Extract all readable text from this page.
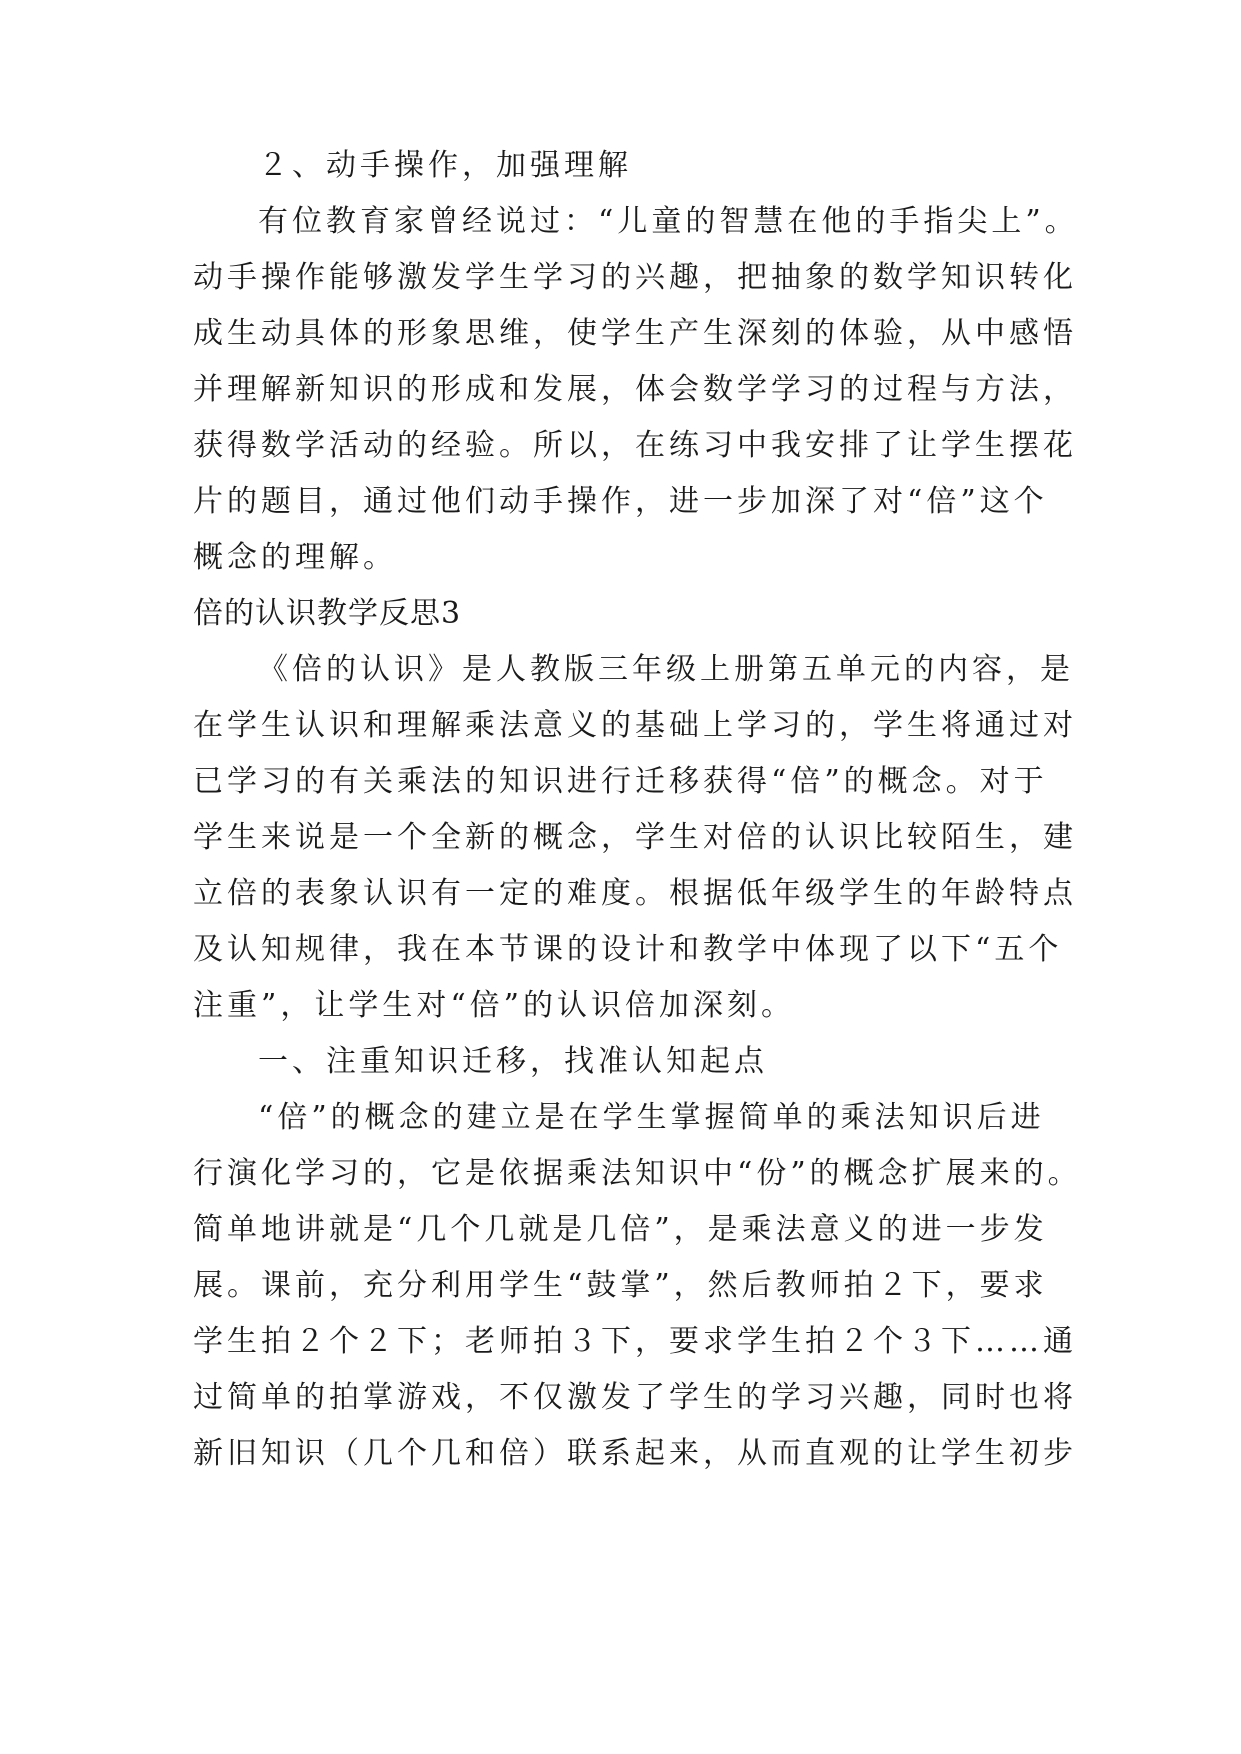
２、动手操作，加强理解
有位教育家曾经说过：“儿童的智慧在他的手指尖上”。
动手操作能够激发学生学习的兴趣，把抽象的数学知识转化
成生动具体的形象思维，使学生产生深刻的体验，从中感悟
并理解新知识的形成和发展，体会数学学习的过程与方法，
获得数学活动的经验。所以，在练习中我安排了让学生摆花
片的题目，通过他们动手操作，进一步加深了对“倍”这个
概念的理解。
倍的认识教学反思3
《倍的认识》是人教版三年级上册第五单元的内容，是
在学生认识和理解乘法意义的基础上学习的，学生将通过对
已学习的有关乘法的知识进行迁移获得“倍”的概念。对于
学生来说是一个全新的概念，学生对倍的认识比较陌生，建
立倍的表象认识有一定的难度。根据低年级学生的年龄特点
及认知规律，我在本节课的设计和教学中体现了以下“五个
注重”，让学生对“倍”的认识倍加深刻。
一、注重知识迁移，找准认知起点
“倍”的概念的建立是在学生掌握简单的乘法知识后进
行演化学习的，它是依据乘法知识中“份”的概念扩展来的。
简单地讲就是“几个几就是几倍”，是乘法意义的进一步发
展。课前，充分利用学生“鼓掌”，然后教师拍２下，要求
学生拍２个２下；老师拍３下，要求学生拍２个３下……通
过简单的拍掌游戏，不仅激发了学生的学习兴趣，同时也将
新旧知识（几个几和倍）联系起来，从而直观的让学生初步
